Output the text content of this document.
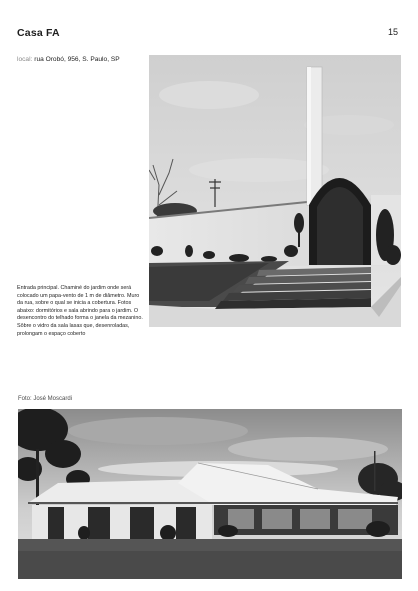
Casa FA	15
local: rua Orobó, 956, S. Paulo, SP
Entrada principal. Chaminé do jardim onde será colocado um papa-vento de 1 m de diâmetro. Muro da rua, sobre o qual se inicia a cobertura. Fotos abaixo: dormitórios e sala abrindo para o jardim. O desencontro do telhado forma o janela da mezanino. Sôbre o vidro da sala lasas que, desenroladas, prolongam o espaço coberto
Foto: José Moscardi
